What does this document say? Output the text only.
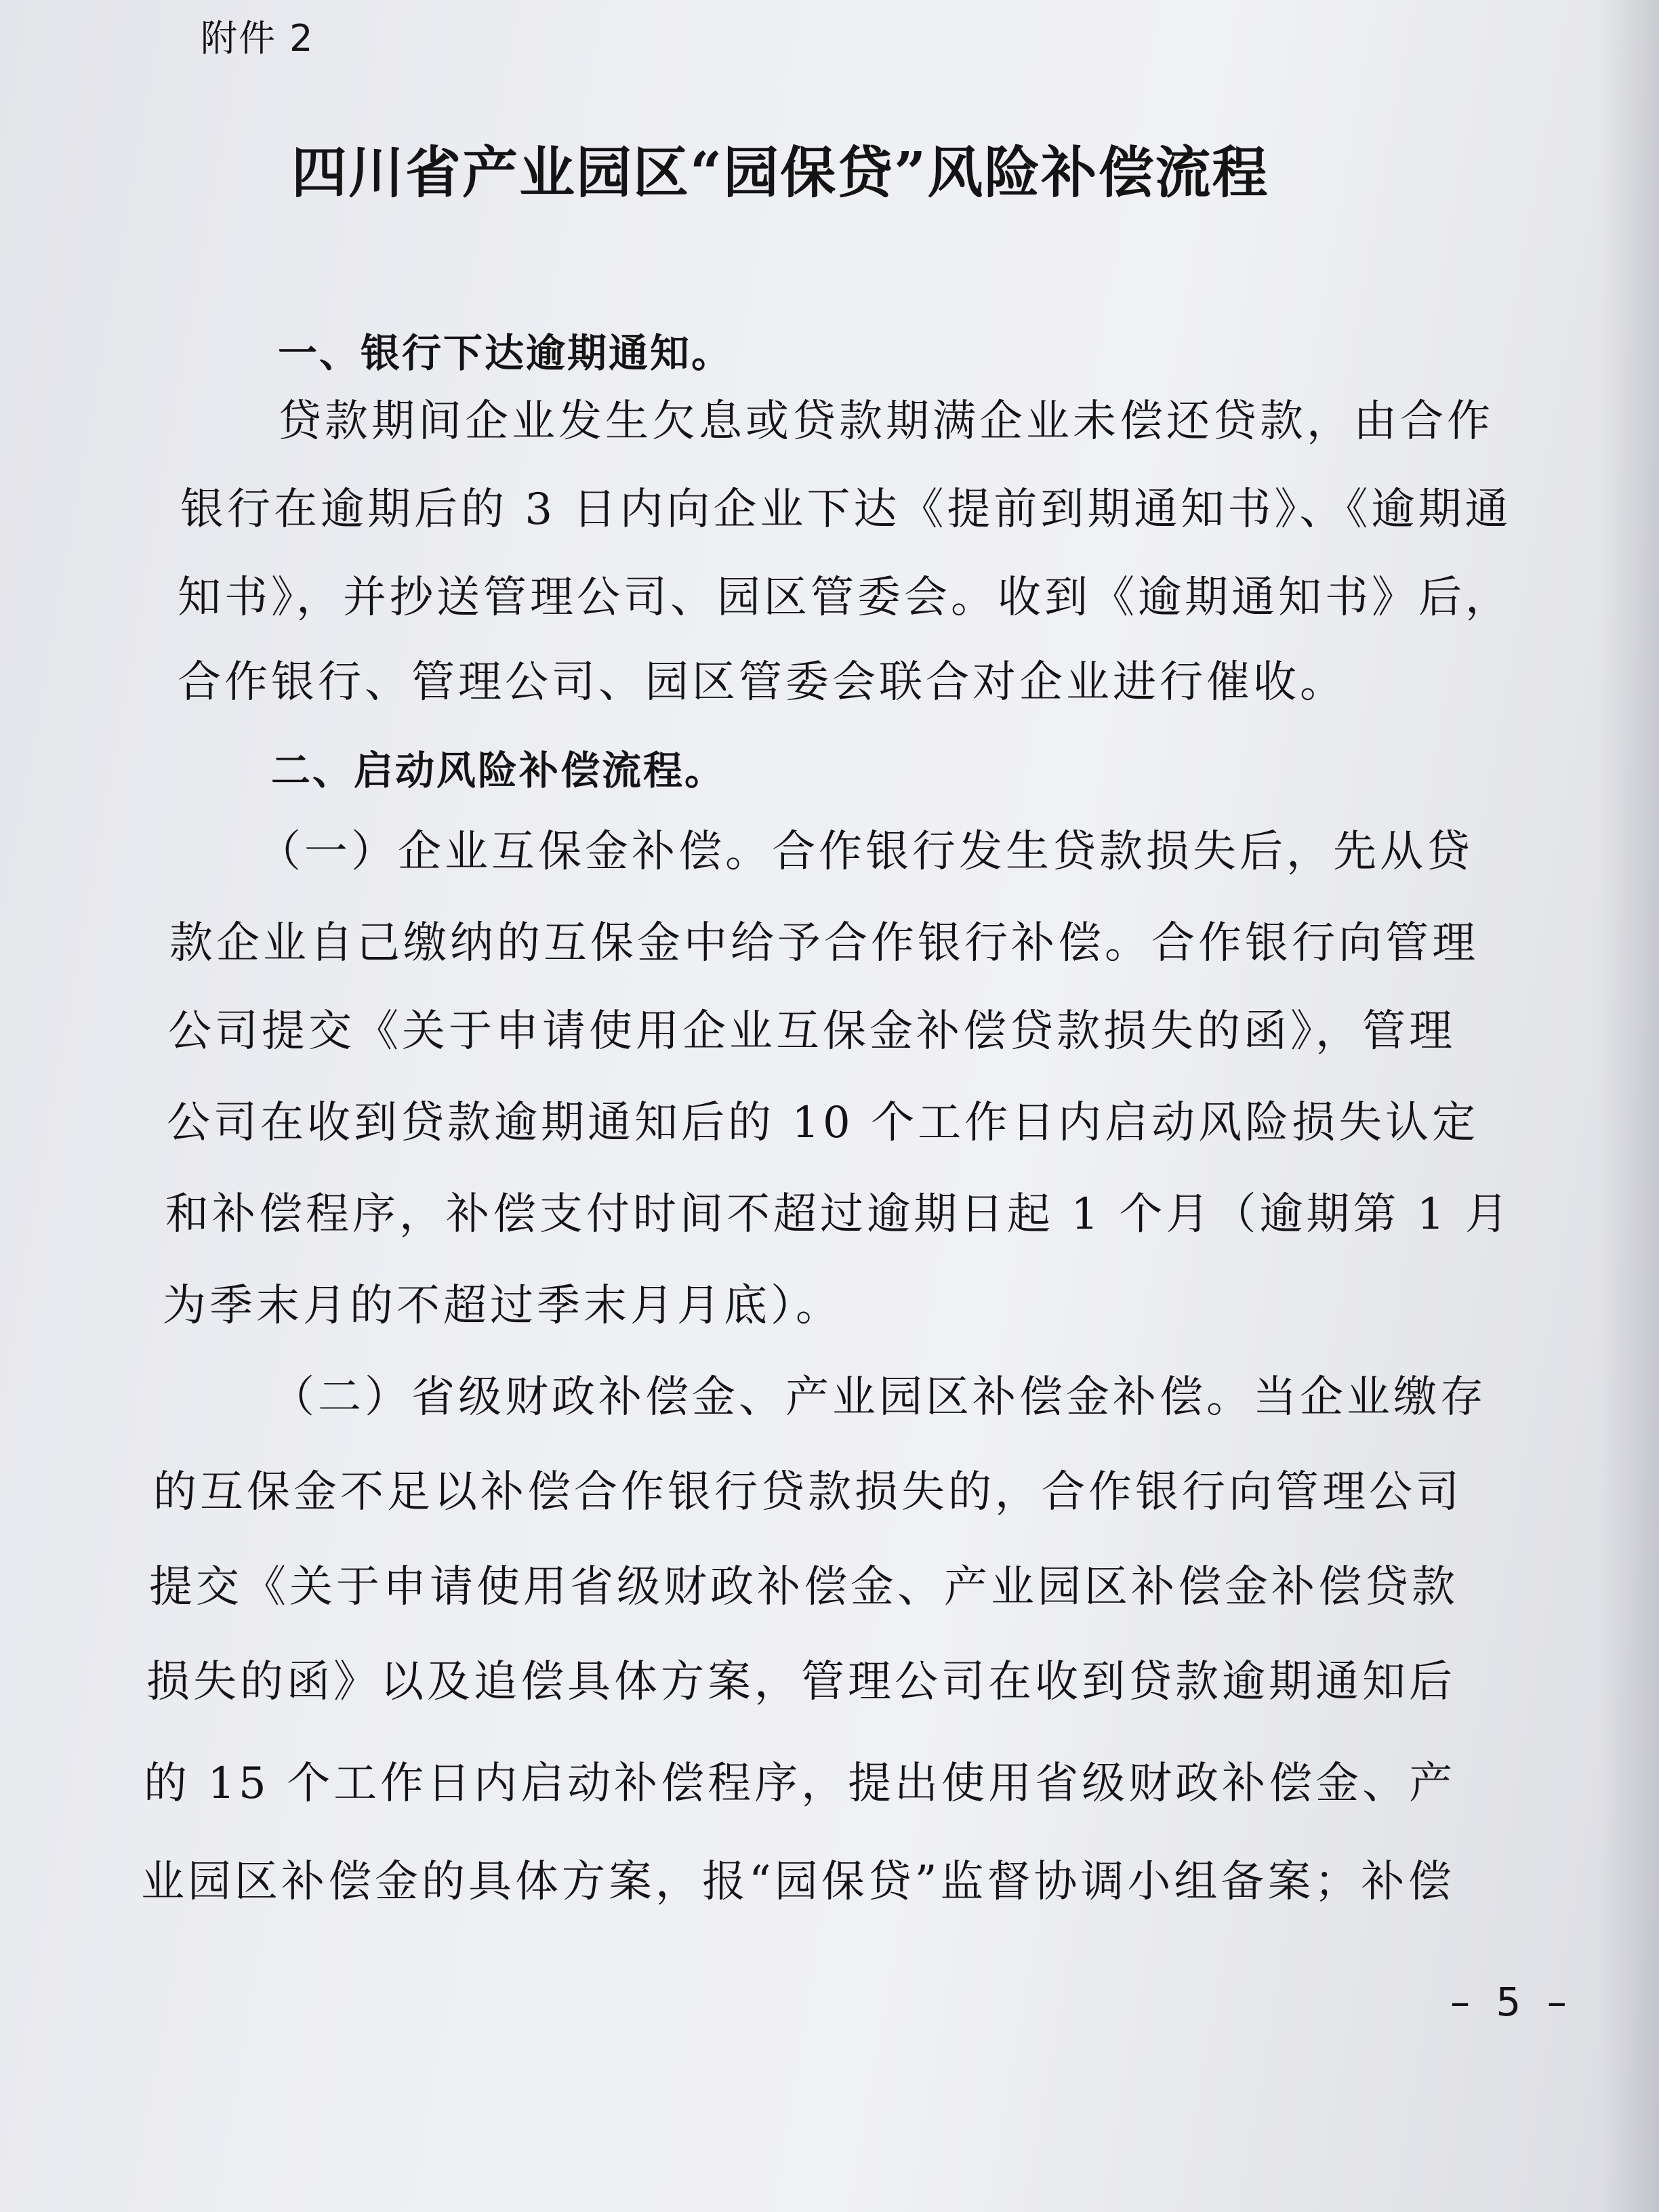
附件 2
四川省产业园区“园保贷”风险补偿流程
一、银行下达逾期通知。
贷款期间企业发生欠息或贷款期满企业未偿还贷款，由合作
银行在逾期后的 3 日内向企业下达《提前到期通知书》、《逾期通
知书》，并抄送管理公司、园区管委会。收到《逾期通知书》后，
合作银行、管理公司、园区管委会联合对企业进行催收。
二、启动风险补偿流程。
（一）企业互保金补偿。合作银行发生贷款损失后，先从贷
款企业自己缴纳的互保金中给予合作银行补偿。合作银行向管理
公司提交《关于申请使用企业互保金补偿贷款损失的函》，管理
公司在收到贷款逾期通知后的 10 个工作日内启动风险损失认定
和补偿程序，补偿支付时间不超过逾期日起 1 个月（逾期第 1 月
为季末月的不超过季末月月底）。
（二）省级财政补偿金、产业园区补偿金补偿。当企业缴存
的互保金不足以补偿合作银行贷款损失的，合作银行向管理公司
提交《关于申请使用省级财政补偿金、产业园区补偿金补偿贷款
损失的函》以及追偿具体方案，管理公司在收到贷款逾期通知后
的 15 个工作日内启动补偿程序，提出使用省级财政补偿金、产
业园区补偿金的具体方案，报“园保贷”监督协调小组备案；补偿
– 5 –
